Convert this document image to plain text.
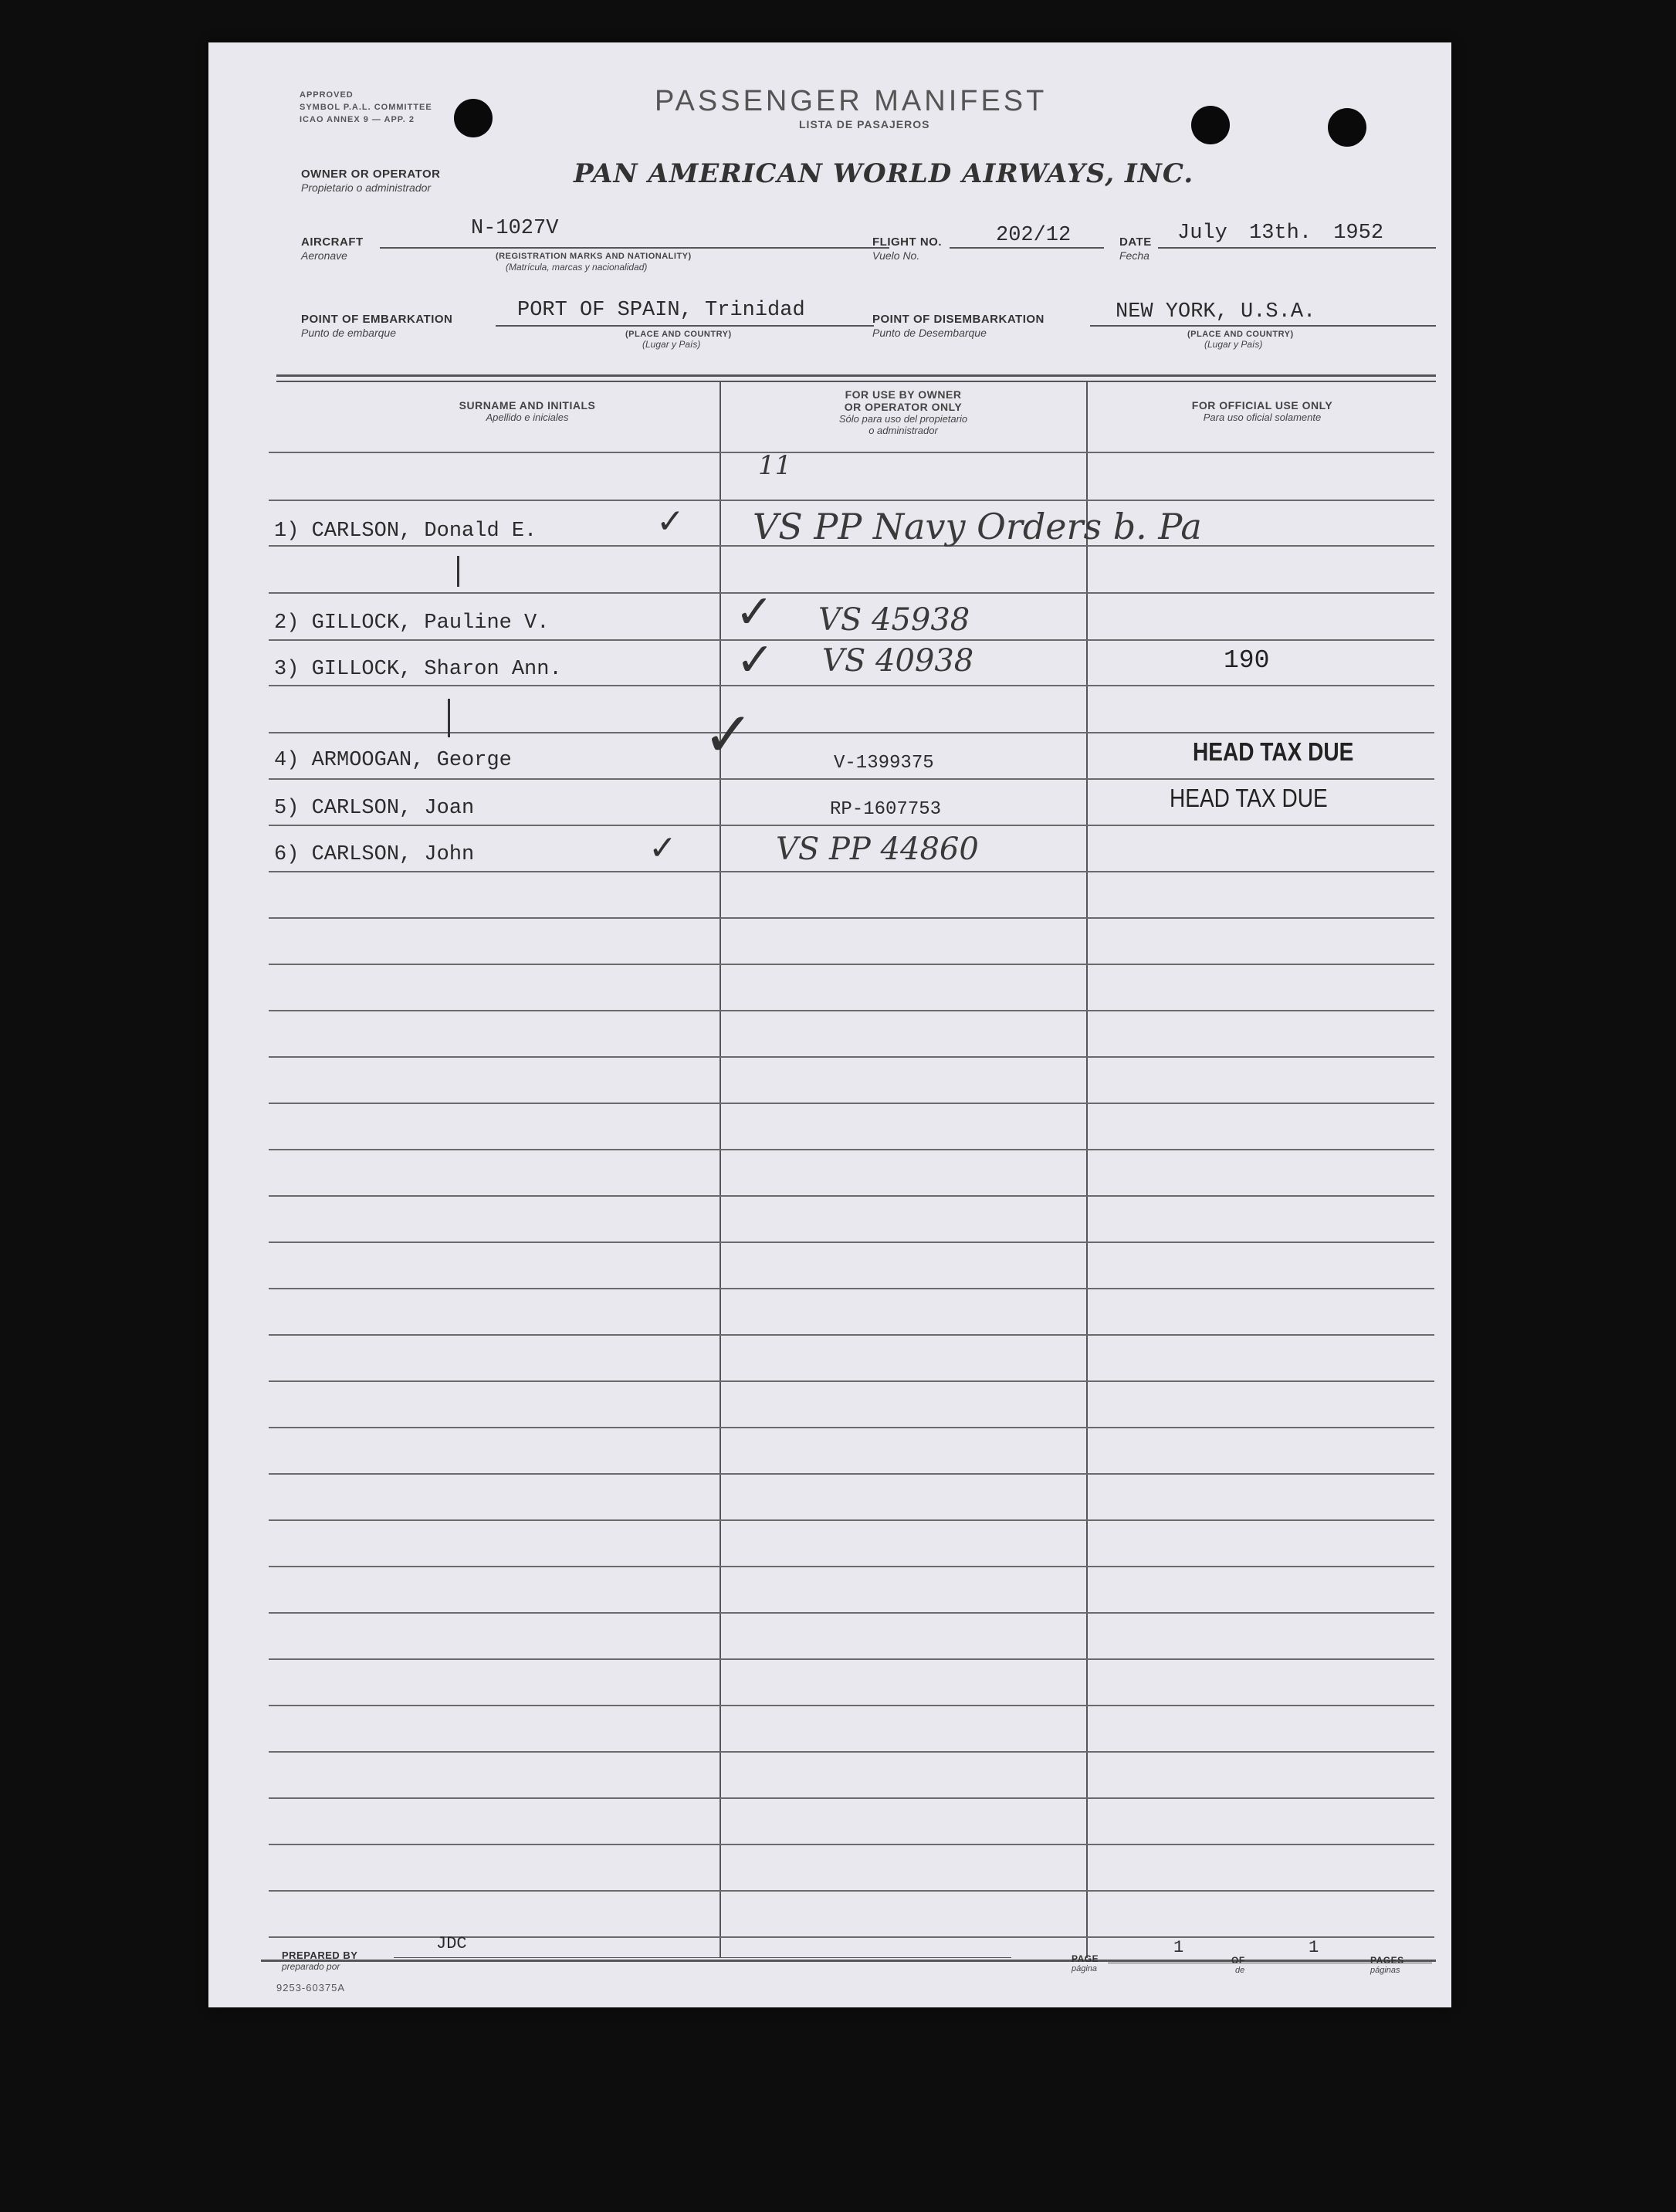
APPROVED
SYMBOL P.A.L. COMMITTEE
ICAO ANNEX 9 — APP. 2
PASSENGER MANIFEST
LISTA DE PASAJEROS
OWNER OR OPERATOR
Propietario o administrador	PAN AMERICAN WORLD AIRWAYS, INC.
AIRCRAFT
Aeronave
N-1027V
(REGISTRATION MARKS AND NATIONALITY)
(Matrícula, marcas y nacionalidad)
FLIGHT NO.
Vuelo No.
202/12	DATE
Fecha
July 13th. 1952
POINT OF EMBARKATION
Punto de embarque
PORT OF SPAIN, Trinidad
(PLACE AND COUNTRY)
(Lugar y País)
POINT OF DISEMBARKATION
Punto de Desembarque
NEW YORK, U.S.A.
(PLACE AND COUNTRY)
(Lugar y País)
SURNAME AND INITIALS
Apellido e iniciales
FOR USE BY OWNER
OR OPERATOR ONLY
Sólo para uso del propietario
o administrador
FOR OFFICIAL USE ONLY
Para uso oficial solamente
11
1) CARLSON, Donald E.	VS PP Navy Orders b. Pa
✓
2) GILLOCK, Pauline V.	✓ VS 45938
3) GILLOCK, Sharon Ann.	✓ VS 40938	190
✓
4) ARMOOGAN, George	V-1399375	HEAD TAX DUE
5) CARLSON, Joan	RP-1607753	HEAD TAX DUE
6) CARLSON, John	✓	VS PP 44860
PREPARED BY
preparado por
JDC
PAGE
página
1
OF
de
1
PAGES
páginas
9253-60375A
